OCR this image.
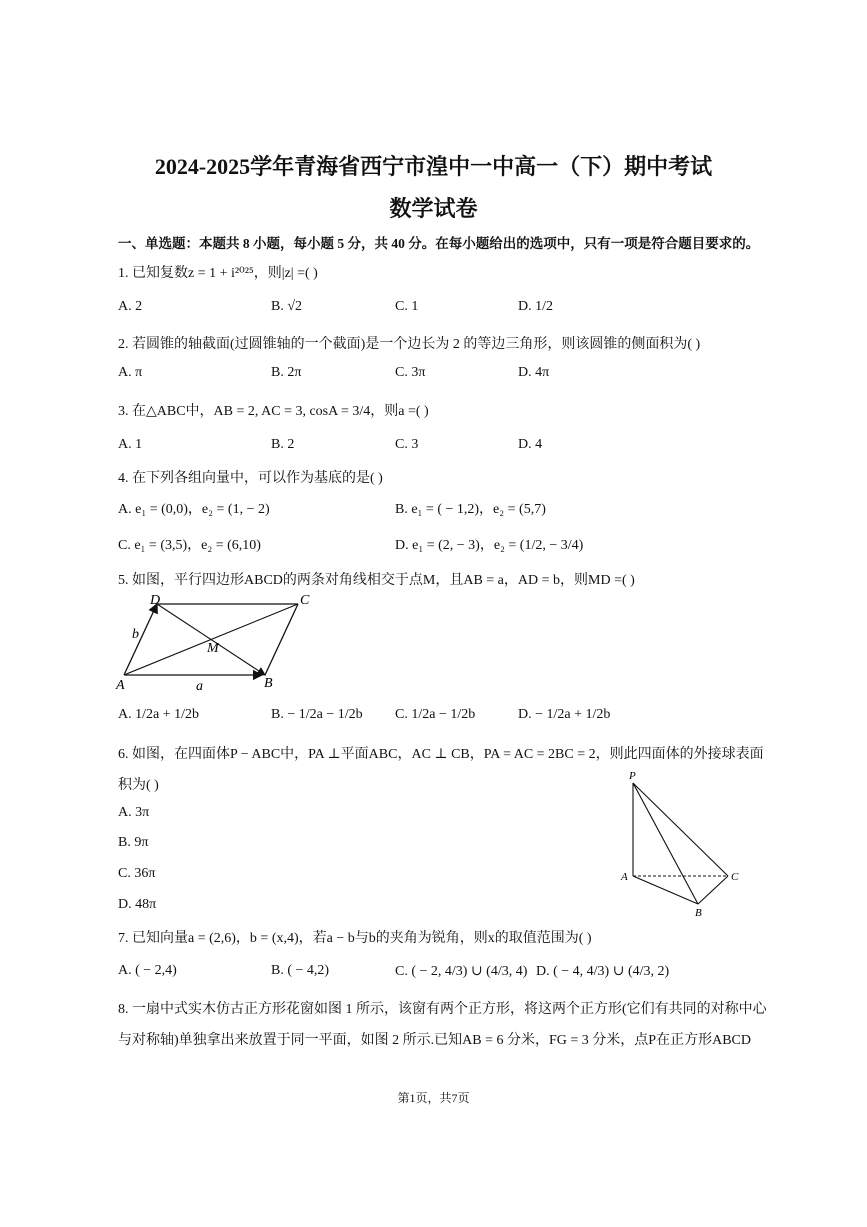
2024-2025学年青海省西宁市湟中一中高一（下）期中考试
数学试卷
一、单选题：本题共 8 小题，每小题 5 分，共 40 分。在每小题给出的选项中，只有一项是符合题目要求的。
1. 已知复数z = 1 + i²⁰²⁵，则|z| =( )
A. 2	B. √2	C. 1	D. 1/2
2. 若圆锥的轴截面(过圆锥轴的一个截面)是一个边长为 2 的等边三角形，则该圆锥的侧面积为( )
A. π	B. 2π	C. 3π	D. 4π
3. 在△ABC中，AB = 2, AC = 3, cosA = 3/4，则a =( )
A. 1	B. 2	C. 3	D. 4
4. 在下列各组向量中，可以作为基底的是( )
A. e₁ = (0,0)，e₂ = (1, − 2)	B. e₁ = ( − 1,2)，e₂ = (5,7)
C. e₁ = (3,5)，e₂ = (6,10)	D. e₁ = (2, − 3)，e₂ = (1/2, − 3/4)
5. 如图，平行四边形ABCD的两条对角线相交于点M，且AB = a，AD = b，则MD =( )
D	C
A	B
M
a
b
A. 1/2a + 1/2b	B. − 1/2a − 1/2b C. 1/2a − 1/2b	D. − 1/2a + 1/2b
6. 如图，在四面体P − ABC中，PA ⊥平面ABC，AC ⊥ CB，PA = AC = 2BC = 2，则此四面体的外接球表面
积为( )
A. 3π
B. 9π
C. 36π
D. 48π
P
A	C
B
7. 已知向量a = (2,6)，b = (x,4)，若a − b与b的夹角为锐角，则x的取值范围为( )
A. ( − 2,4)	B. ( − 4,2)	C. ( − 2, 4/3) ∪ (4/3, 4) D. ( − 4, 4/3) ∪ (4/3, 2)
8. 一扇中式实木仿古正方形花窗如图 1 所示，该窗有两个正方形，将这两个正方形(它们有共同的对称中心
与对称轴)单独拿出来放置于同一平面，如图 2 所示.已知AB = 6 分米，FG = 3 分米，点P在正方形ABCD
第1页，共7页
